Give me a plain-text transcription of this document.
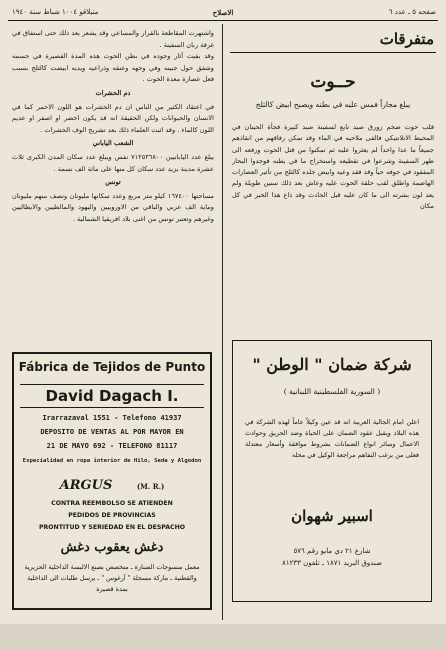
صفحه ٥ ـ عدد ٦
الاصلاح
متيلاقو ١٠٠٤ شباط سنة ١٩٤٠
متفرقات
حــوت
يبلغ مجاراً فمس عليه في بطنه ويصبح ابيض كالثلج
قلب حوت ضخم زورق صيد تابع لسفينة صيد كبيرة فجأة الحيتان في المحيط الاتلانتيكي فالقى ملاحيه في الماء وقد تمكن رفاقهم من انقاذهم جميعاً ما عدا واحداً لم يعثروا عليه ثم تمكنوا من قتل الحوت ورفعه الى ظهر السفينة وشرعوا في تقطيعه واستخراج ما في بطنه فوجدوا البحار المفقود في جوفه حياً وقد فقد وعيه وابيض جلده كالثلج من تأثير العصارات الهاضمة واطلق لقب حلقة الحوت عليه وعاش بعد ذلك سنين طويلة ولم يعد لون بشرته الى ما كان عليه قبل الحادث وقد ذاع هذا الخبر في كل مكان
شركة ضمان " الوطن "
( السورية الفلسطينية اللبنانية )
اعلن امام الجالية العربية انه قد عين وكيلاً عاماً لهذه الشركة في هذه البلاد ويقبل عقود الضمان على الحياة وضد الحريق وحوادث الاعمال وسائر انواع الضمانات بشروط موافقة وأسعار معتدلة فعلى من يرغب التفاهم مراجعة الوكيل في محله
اسبير شهوان
شارع ٢١ دي مايو رقم ٥٧٦
صندوق البريد ١٨٧١ ـ تلفون ٨١٢٣٣

واشتهرت المقاطعة بالقرار والمساعي وقد يشعر بعد ذلك حتى استفاق في غرفة ربان السفينة .

وقد بقيت آثار وجوده في بطن الحوت هذه المدة القصيرة في جسمه وشقق حول جبينه وفي وجهه وعنقه وذراعيه ويديه ابيضت كالثلج بسبب فعل عصارة معدة الحوت .

دم الحشرات

في اعتقاد الكثير من الناس ان دم الحشرات هو اللون الاحمر كما في الانسان والحيوانات ولكن الحقيقة انه قد يكون اخضر او اصفر او عديم اللون كالماء . وقد اثبت العلماء ذلك بعد تشريح الوف الحشرات .

الشعب الياباني

يبلغ عدد اليابانيين ٧١٢٥٣٦٨٠٠ نفس ويبلغ عدد سكان المدن الكبرى ثلاث عشرة مدينة يزيد عدد سكان كل منها على مائة الف نسمة .

تونس

مساحتها ١٦٧٤٠٠ كيلو متر مربع وعدد سكانها مليونان ونصف منهم مليونان وماية الف عربي والباقي من الاوروبيين واليهود والمالطيين والايطاليين وغيرهم وتعتبر تونس من اغنى بلاد افريقيا الشمالية .

Fábrica de Tejidos de Punto
David Dagach I.
Irarrazaval 1551 - Telefono 41937
DEPOSITO DE VENTAS AL POR MAYOR EN
21 DE MAYO 692 - TELEFONO 81117
Especialidad en ropa interior de Hilo, Seda y Algodon
ARGUS	(M. R.)
CONTRA REEMBOLSO SE ATIENDEN
PEDIDOS DE PROVINCIAS
PRONTITUD Y SERIEDAD EN EL DESPACHO
دغش يعقوب دغش
معمل منسوجات الصنارة ـ متخصص بصنع الالبسة الداخلية الحريرية والقطنية ـ ماركة مسجلة " آرغوس " ـ يرسل طلبات الى الداخلية بمدة قصيرة
